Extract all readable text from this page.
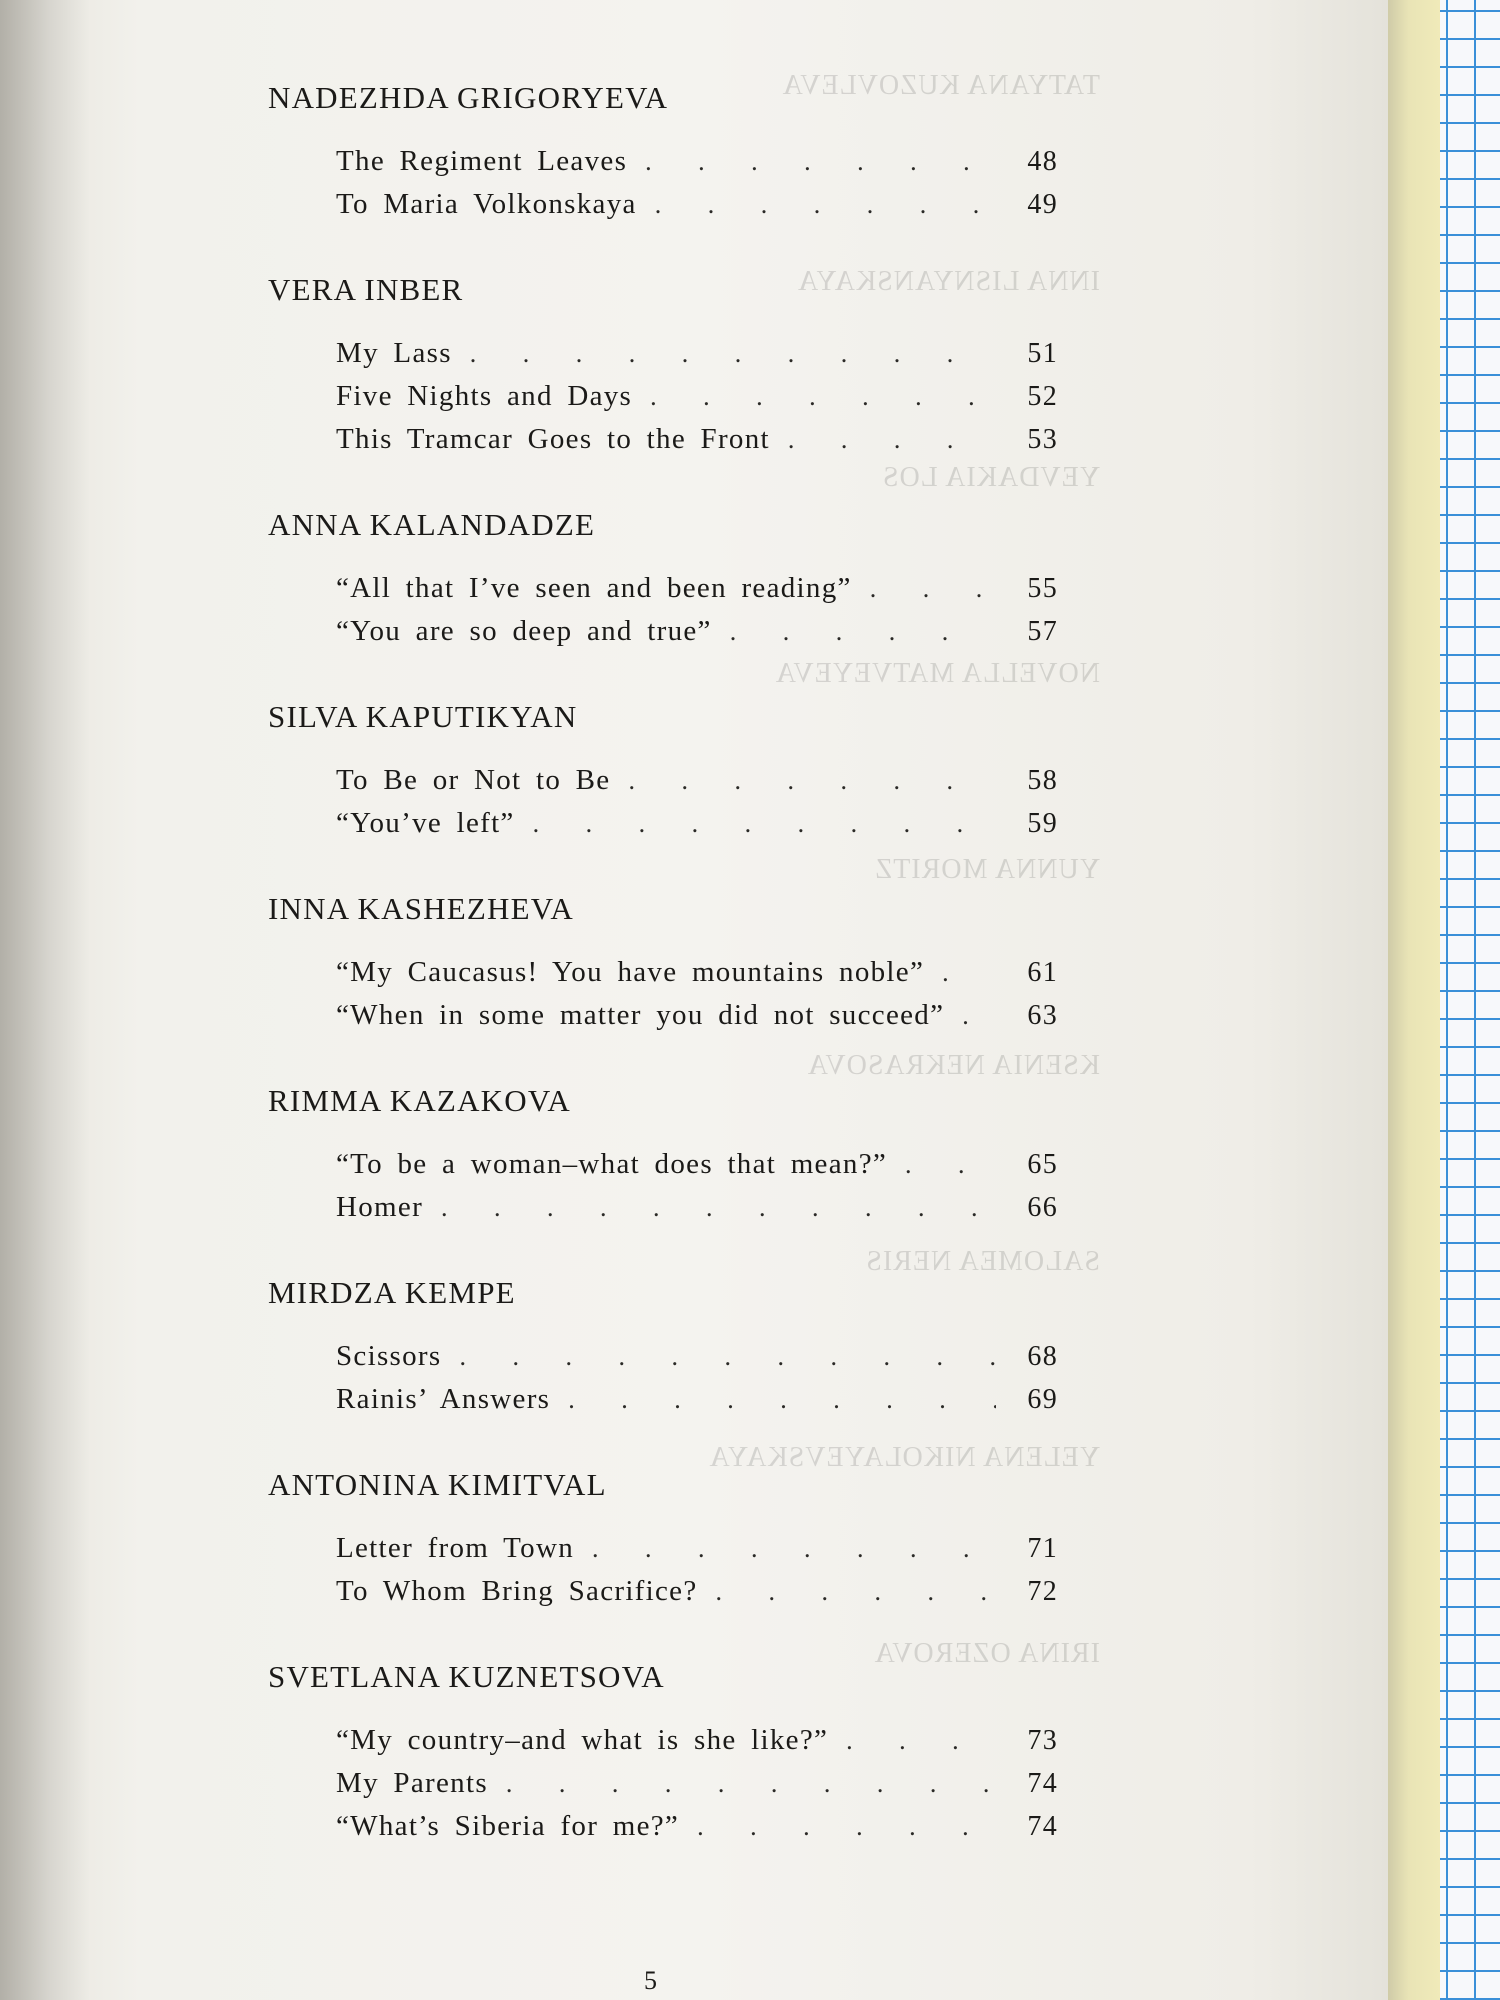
TATYANA KUZOVLEVA
INNA LISNYANSKAYA
YEVDAKIA LOS
NOVELLA MATVEYEVA
YUNNA MORITZ
KSENIA NEKRASOVA
SALOMEA NERIS
YELENA NIKOLAYEVSKAYA
IRINA OZEROVA
NADEZHDA GRIGORYEVA
The Regiment Leaves . . .	48
To Maria Volkonskaya . . .	49
VERA INBER
My Lass . . .	51
Five Nights and Days . . .	52
This Tramcar Goes to the Front . . .	53
ANNA KALANDADZE
“All that I’ve seen and been reading” . . .	55
“You are so deep and true” . . .	57
SILVA KAPUTIKYAN
To Be or Not to Be . . .	58
“You’ve left” . . .	59
INNA KASHEZHEVA
“My Caucasus! You have mountains noble” . . .	61
“When in some matter you did not succeed” . . .	63
RIMMA KAZAKOVA
“To be a woman–what does that mean?” . . .	65
Homer . . .	66
MIRDZA KEMPE
Scissors . . .	68
Rainis’ Answers . . .	69
ANTONINA KIMITVAL
Letter from Town . . .	71
To Whom Bring Sacrifice? . . .	72
SVETLANA KUZNETSOVA
“My country–and what is she like?” . . .	73
My Parents . . .	74
“What’s Siberia for me?” . . .	74
5
